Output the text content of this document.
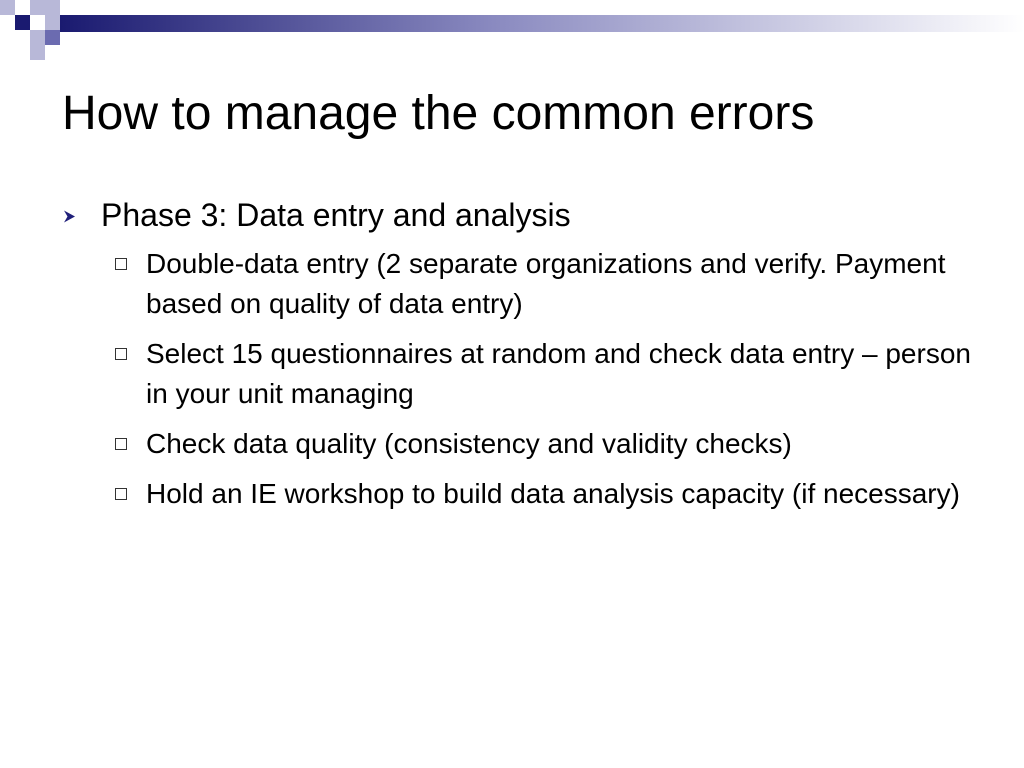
How to manage the common errors
Phase 3: Data entry and analysis
Double-data entry (2 separate organizations and verify. Payment based on quality of data entry)
Select 15 questionnaires at random and check data entry – person in your unit managing
Check data quality (consistency and validity checks)
Hold an IE workshop to build data analysis capacity (if necessary)
